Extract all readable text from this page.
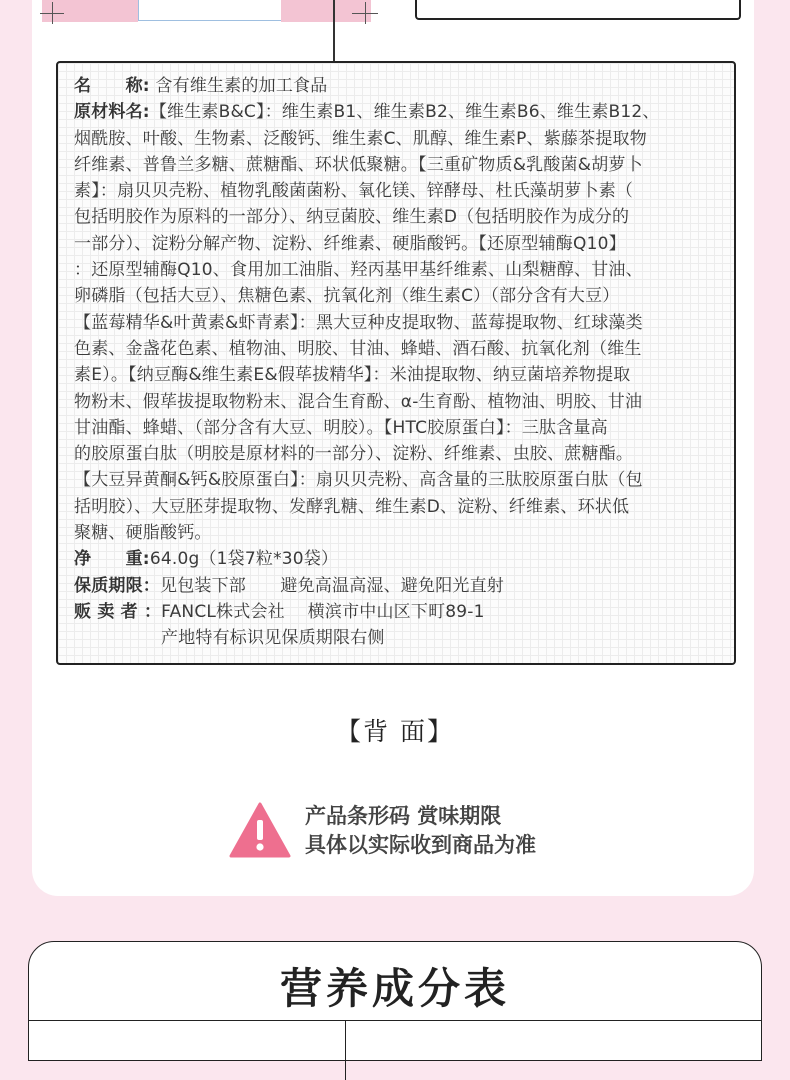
名　　称: 含有维生素的加工食品

原材料名:【维生素B&C】：维生素B1、维生素B2、维生素B6、维生素B12、

烟酰胺、叶酸、生物素、泛酸钙、维生素C、肌醇、维生素P、紫藤茶提取物

纤维素、普鲁兰多糖、蔗糖酯、环状低聚糖。【三重矿物质&乳酸菌&胡萝卜

素】：扇贝贝壳粉、植物乳酸菌菌粉、氧化镁、锌酵母、杜氏藻胡萝卜素（

包括明胶作为原料的一部分）、纳豆菌胶、维生素D（包括明胶作为成分的

一部分）、淀粉分解产物、淀粉、纤维素、硬脂酸钙。【还原型辅酶Q10】

：还原型辅酶Q10、食用加工油脂、羟丙基甲基纤维素、山梨糖醇、甘油、

卵磷脂（包括大豆）、焦糖色素、抗氧化剂（维生素C）（部分含有大豆）

【蓝莓精华&叶黄素&虾青素】：黑大豆种皮提取物、蓝莓提取物、红球藻类

色素、金盏花色素、植物油、明胶、甘油、蜂蜡、酒石酸、抗氧化剂（维生

素E）。【纳豆酶&维生素E&假荜拔精华】：米油提取物、纳豆菌培养物提取

物粉末、假荜拔提取物粉末、混合生育酚、α-生育酚、植物油、明胶、甘油

甘油酯、蜂蜡、（部分含有大豆、明胶）。【HTC胶原蛋白】：三肽含量高

的胶原蛋白肽（明胶是原材料的一部分）、淀粉、纤维素、虫胶、蔗糖酯。

【大豆异黄酮&钙&胶原蛋白】：扇贝贝壳粉、高含量的三肽胶原蛋白肽（包

括明胶）、大豆胚芽提取物、发酵乳糖、维生素D、淀粉、纤维素、环状低

聚糖、硬脂酸钙。

净　　重:64.0g（1袋7粒*30袋）

保质期限：见包装下部　　避免高温高湿、避免阳光直射

贩 卖 者 ：FANCL株式会社　 横滨市中山区下町89-1

产地特有标识见保质期限右侧

【背 面】
产品条形码 赏味期限
具体以实际收到商品为准
营养成分表
